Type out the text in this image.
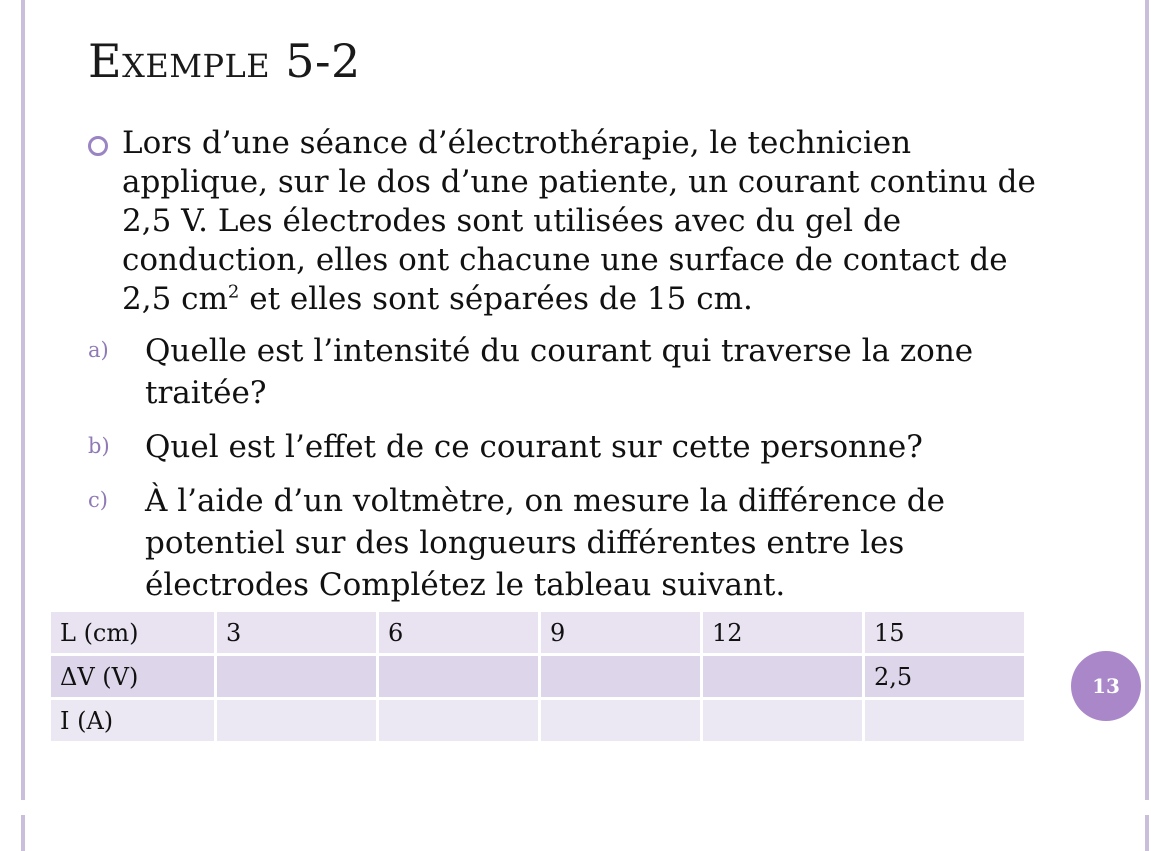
Exemple 5-2
Lors d’une séance d’électrothérapie, le technicien applique, sur le dos d’une patiente, un courant continu de 2,5 V. Les électrodes sont utilisées avec du gel de conduction, elles ont chacune une surface de contact de 2,5 $cm^2$ et elles sont séparées de 15 cm.
a)	Quelle est l’intensité du courant qui traverse la zone traitée?
b)	Quel est l’effet de ce courant sur cette personne?
c)	À l’aide d’un voltmètre, on mesure la différence de potentiel sur des longueurs différentes entre les électrodes Complétez le tableau suivant.
L (cm)	3	6	9	12	15
ΔV (V)					2,5
I (A)					
13
